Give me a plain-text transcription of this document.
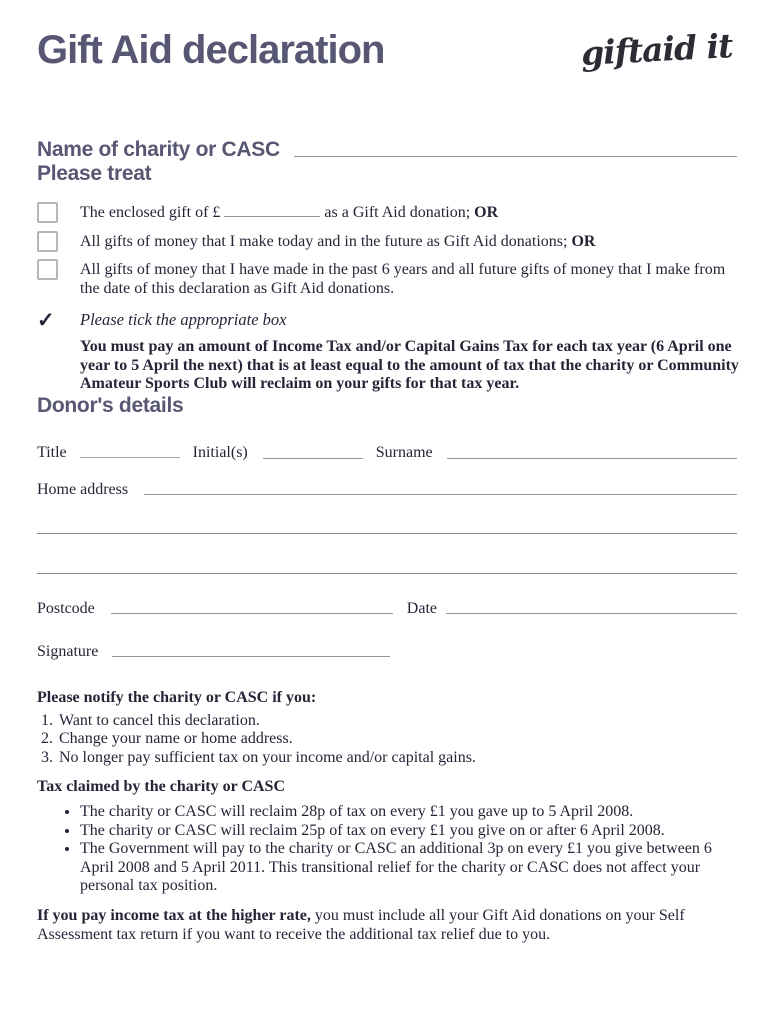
Gift Aid declaration	giftaid it
Name of charity or CASC
Please treat
The enclosed gift of £	as a Gift Aid donation; OR
All gifts of money that I make today and in the future as Gift Aid donations; OR
All gifts of money that I have made in the past 6 years and all future gifts of money that I make from the date of this declaration as Gift Aid donations.
✓ Please tick the appropriate box

You must pay an amount of Income Tax and/or Capital Gains Tax for each tax year (6 April one year to 5 April the next) that is at least equal to the amount of tax that the charity or Community Amateur Sports Club will reclaim on your gifts for that tax year.

Donor's details
Title	Initial(s)	Surname
Home address
Postcode	Date
Signature
Please notify the charity or CASC if you:
1. Want to cancel this declaration.
2. Change your name or home address.
3. No longer pay sufficient tax on your income and/or capital gains.
Tax claimed by the charity or CASC
• The charity or CASC will reclaim 28p of tax on every £1 you gave up to 5 April 2008.
• The charity or CASC will reclaim 25p of tax on every £1 you give on or after 6 April 2008.
• The Government will pay to the charity or CASC an additional 3p on every £1 you give between 6 April 2008 and 5 April 2011. This transitional relief for the charity or CASC does not affect your personal tax position.

If you pay income tax at the higher rate, you must include all your Gift Aid donations on your Self Assessment tax return if you want to receive the additional tax relief due to you.
